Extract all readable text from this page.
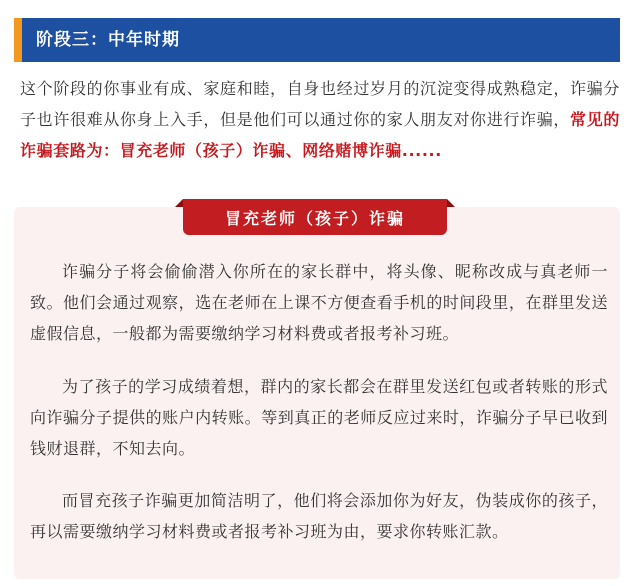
阶段三：中年时期

这个阶段的你事业有成、家庭和睦，自身也经过岁月的沉淀变得成熟稳定，诈骗分子也许很难从你身上入手，但是他们可以通过你的家人朋友对你进行诈骗，常见的诈骗套路为：冒充老师（孩子）诈骗、网络赌博诈骗......

冒充老师（孩子）诈骗

诈骗分子将会偷偷潜入你所在的家长群中，将头像、昵称改成与真老师一致。他们会通过观察，选在老师在上课不方便查看手机的时间段里，在群里发送虚假信息，一般都为需要缴纳学习材料费或者报考补习班。

为了孩子的学习成绩着想，群内的家长都会在群里发送红包或者转账的形式向诈骗分子提供的账户内转账。等到真正的老师反应过来时，诈骗分子早已收到钱财退群，不知去向。

而冒充孩子诈骗更加简洁明了，他们将会添加你为好友，伪装成你的孩子，再以需要缴纳学习材料费或者报考补习班为由，要求你转账汇款。
